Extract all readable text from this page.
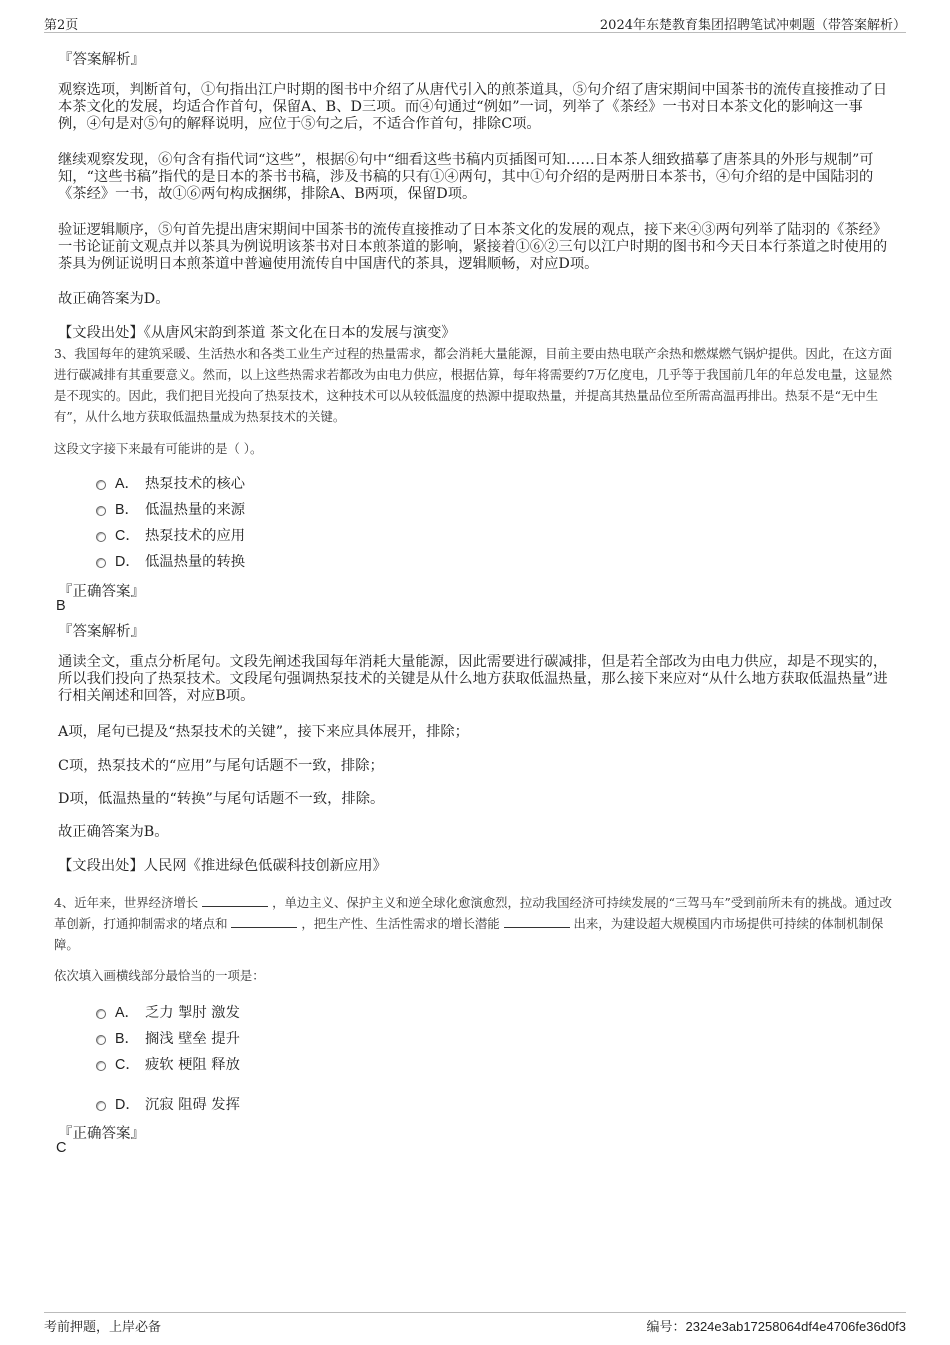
第2页	2024年东楚教育集团招聘笔试冲刺题（带答案解析）
『答案解析』
观察选项，判断首句，①句指出江户时期的图书中介绍了从唐代引入的煎茶道具，⑤句介绍了唐宋期间中国茶书的流传直接推动了日本茶文化的发展，均适合作首句，保留A、B、D三项。而④句通过“例如”一词，列举了《茶经》一书对日本茶文化的影响这一事例，④句是对⑤句的解释说明，应位于⑤句之后，不适合作首句，排除C项。
继续观察发现，⑥句含有指代词“这些”，根据⑥句中“细看这些书稿内页插图可知……日本茶人细致描摹了唐茶具的外形与规制”可知，“这些书稿”指代的是日本的茶书书稿，涉及书稿的只有①④两句，其中①句介绍的是两册日本茶书，④句介绍的是中国陆羽的《茶经》一书，故①⑥两句构成捆绑，排除A、B两项，保留D项。
验证逻辑顺序，⑤句首先提出唐宋期间中国茶书的流传直接推动了日本茶文化的发展的观点，接下来④③两句列举了陆羽的《茶经》一书论证前文观点并以茶具为例说明该茶书对日本煎茶道的影响，紧接着①⑥②三句以江户时期的图书和今天日本行茶道之时使用的茶具为例证说明日本煎茶道中普遍使用流传自中国唐代的茶具，逻辑顺畅，对应D项。
故正确答案为D。
【文段出处】《从唐风宋韵到茶道 茶文化在日本的发展与演变》
3、我国每年的建筑采暖、生活热水和各类工业生产过程的热量需求，都会消耗大量能源，目前主要由热电联产余热和燃煤燃气锅炉提供。因此，在这方面进行碳减排有其重要意义。然而，以上这些热需求若都改为由电力供应，根据估算，每年将需要约7万亿度电，几乎等于我国前几年的年总发电量，这显然是不现实的。因此，我们把目光投向了热泵技术，这种技术可以从较低温度的热源中提取热量，并提高其热量品位至所需高温再排出。热泵不是“无中生有”，从什么地方获取低温热量成为热泵技术的关键。
这段文字接下来最有可能讲的是（ ）。
A． 热泵技术的核心
B． 低温热量的来源
C． 热泵技术的应用
D． 低温热量的转换
『正确答案』
B
『答案解析』
通读全文，重点分析尾句。文段先阐述我国每年消耗大量能源，因此需要进行碳减排，但是若全部改为由电力供应，却是不现实的，所以我们投向了热泵技术。文段尾句强调热泵技术的关键是从什么地方获取低温热量，那么接下来应对“从什么地方获取低温热量”进行相关阐述和回答，对应B项。
A项，尾句已提及“热泵技术的关键”，接下来应具体展开，排除；
C项，热泵技术的“应用”与尾句话题不一致，排除；
D项，低温热量的“转换”与尾句话题不一致，排除。
故正确答案为B。
【文段出处】人民网《推进绿色低碳科技创新应用》
4、近年来，世界经济增长	，单边主义、保护主义和逆全球化愈演愈烈，拉动我国经济可持续发展的“三驾马车”受到前所未有的挑战。通过改革创新，打通抑制需求的堵点和	，把生产性、生活性需求的增长潜能	出来，为建设超大规模国内市场提供可持续的体制机制保障。
依次填入画横线部分最恰当的一项是：
A． 乏力 掣肘 激发
B． 搁浅 壁垒 提升
C． 疲软 梗阻 释放
D． 沉寂 阻碍 发挥
『正确答案』
C
考前押题，上岸必备	编号：2324e3ab17258064df4e4706fe36d0f3
